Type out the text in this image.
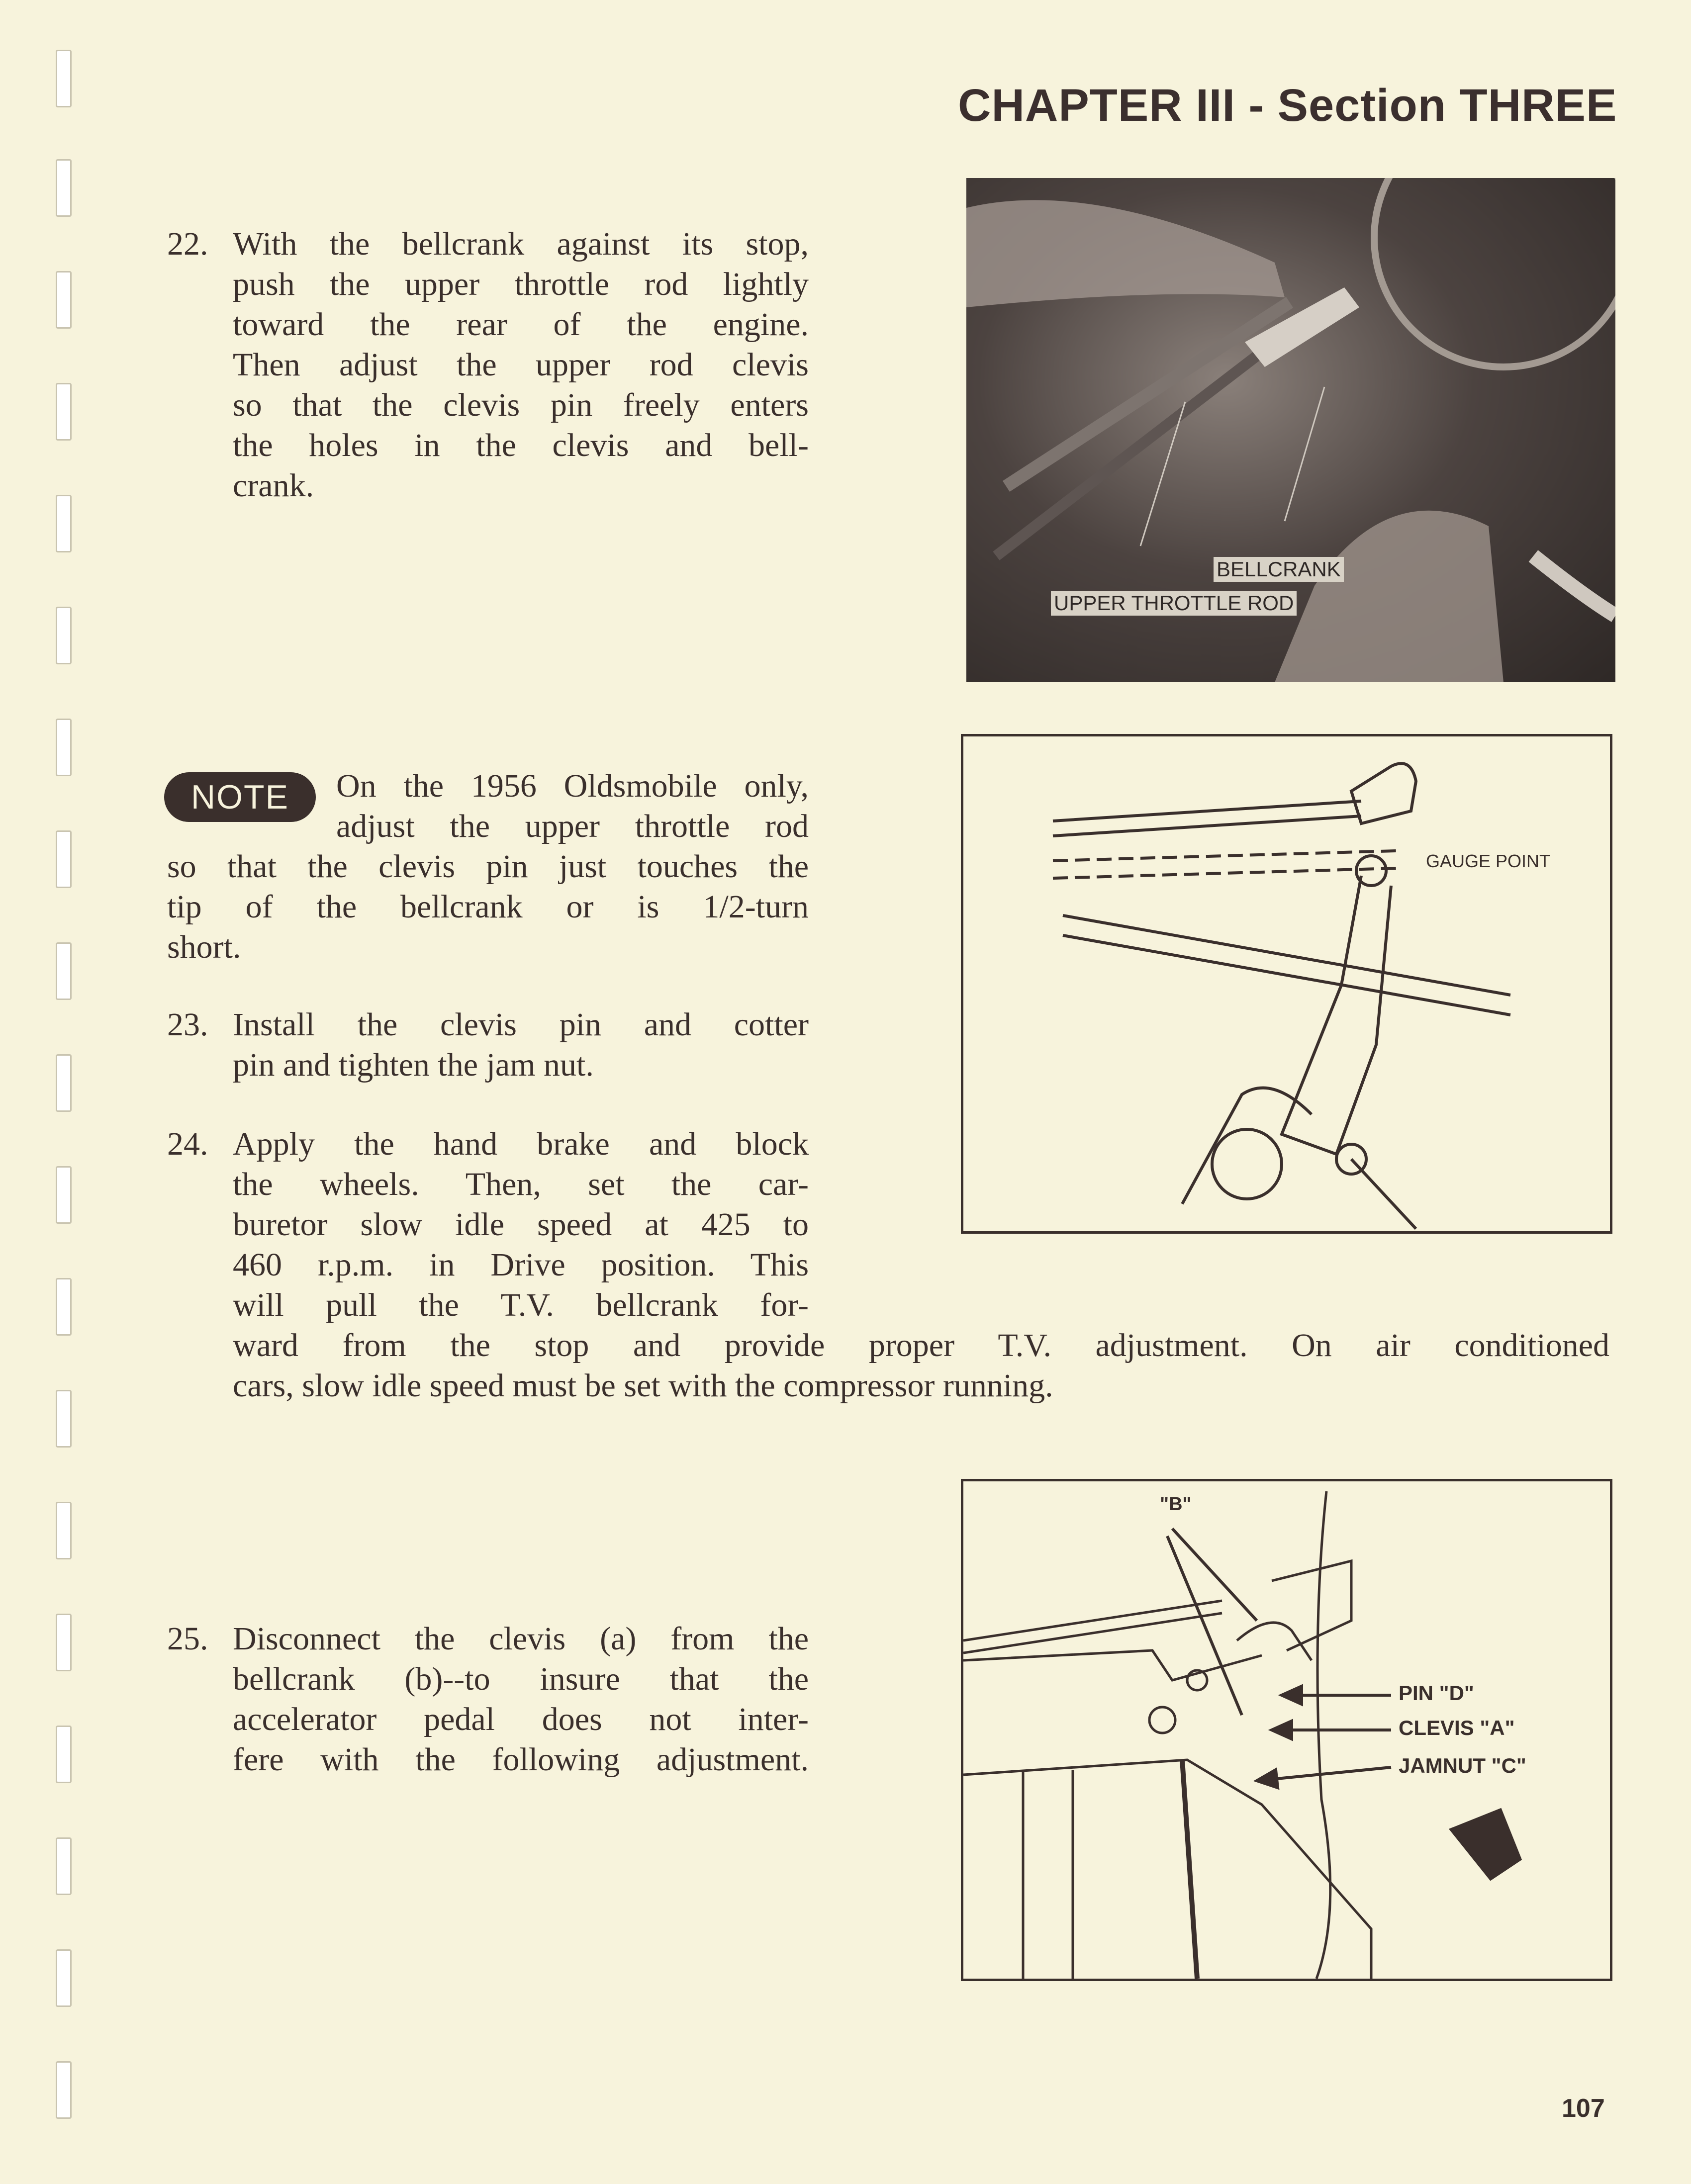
CHAPTER III - Section THREE
22. With the bellcrank against its stop,
push the upper throttle rod lightly
toward the rear of the engine.
Then adjust the upper rod clevis
so that the clevis pin freely enters
the holes in the clevis and bell-
crank.
NOTE	On the 1956 Oldsmobile only,
adjust the upper throttle rod
so that the clevis pin just touches the
tip of the bellcrank or is 1/2-turn
short.
23. Install the clevis pin and cotter
pin and tighten the jam nut.
24. Apply the hand brake and block
the wheels. Then, set the car-
buretor slow idle speed at 425 to
460 r.p.m. in Drive position. This
will pull the T.V. bellcrank for-
ward from the stop and provide proper T.V. adjustment. On air conditioned
cars, slow idle speed must be set with the compressor running.
25. Disconnect the clevis (a) from the
bellcrank (b)--to insure that the
accelerator pedal does not inter-
fere with the following adjustment.
BELLCRANK
UPPER THROTTLE ROD
GAUGE POINT
"B"
PIN "D"
CLEVIS "A"
JAMNUT "C"
107
